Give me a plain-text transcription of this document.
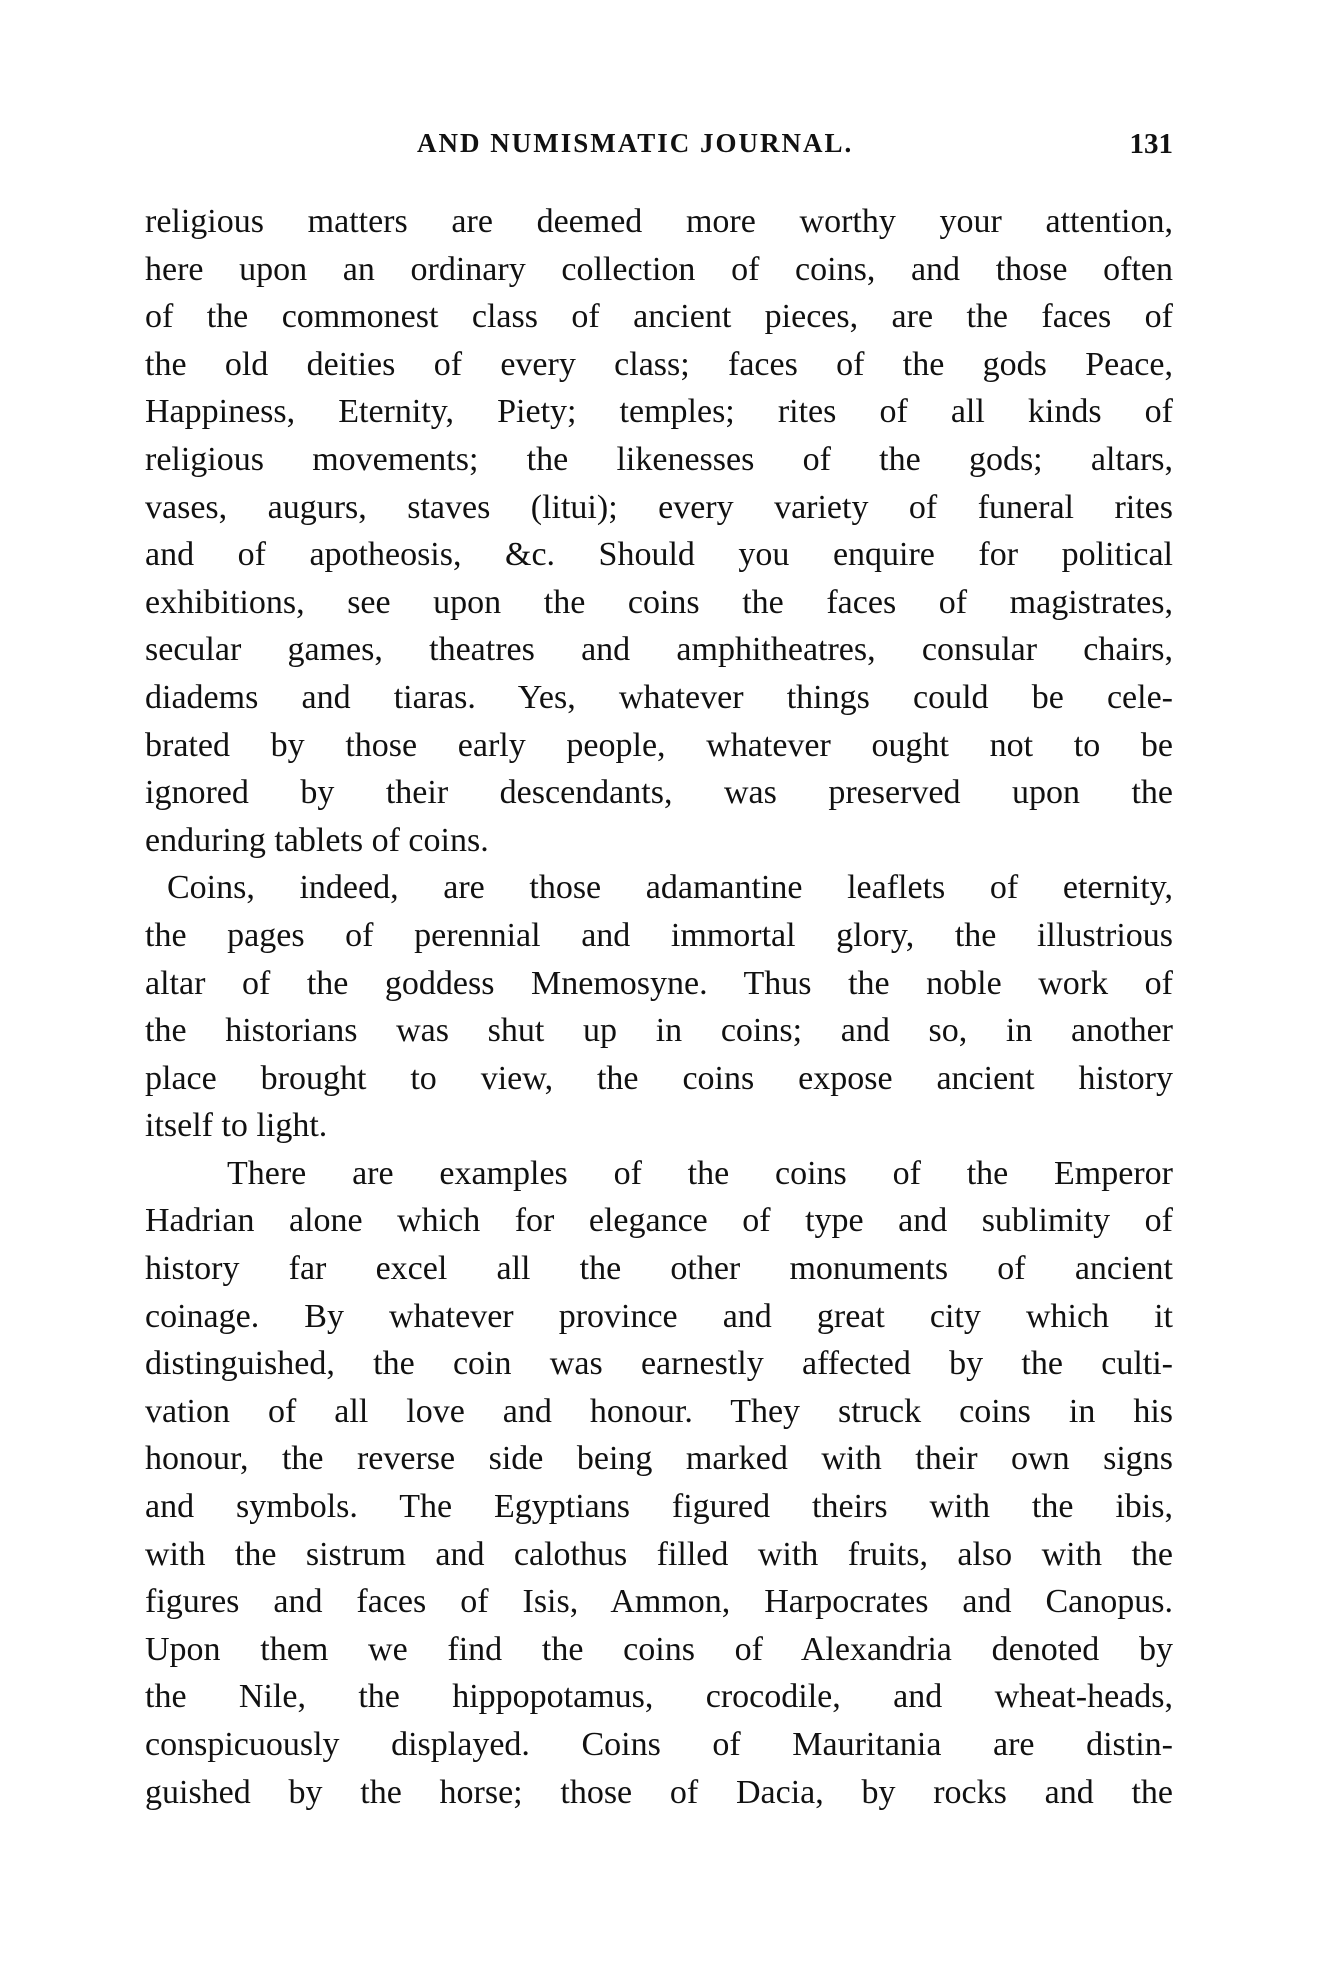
AND NUMISMATIC JOURNAL.	131
religious matters are deemed more worthy your attention,
here upon an ordinary collection of coins, and those often
of the commonest class of ancient pieces, are the faces of
the old deities of every class; faces of the gods Peace,
Happiness, Eternity, Piety; temples; rites of all kinds of
religious movements; the likenesses of the gods; altars,
vases, augurs, staves (litui); every variety of funeral rites
and of apotheosis, &c. Should you enquire for political
exhibitions, see upon the coins the faces of magistrates,
secular games, theatres and amphitheatres, consular chairs,
diadems and tiaras. Yes, whatever things could be cele-
brated by those early people, whatever ought not to be
ignored by their descendants, was preserved upon the
enduring tablets of coins.
Coins, indeed, are those adamantine leaflets of eternity,
the pages of perennial and immortal glory, the illustrious
altar of the goddess Mnemosyne. Thus the noble work of
the historians was shut up in coins; and so, in another
place brought to view, the coins expose ancient history
itself to light.
There are examples of the coins of the Emperor
Hadrian alone which for elegance of type and sublimity of
history far excel all the other monuments of ancient
coinage. By whatever province and great city which it
distinguished, the coin was earnestly affected by the culti-
vation of all love and honour. They struck coins in his
honour, the reverse side being marked with their own signs
and symbols. The Egyptians figured theirs with the ibis,
with the sistrum and calothus filled with fruits, also with the
figures and faces of Isis, Ammon, Harpocrates and Canopus.
Upon them we find the coins of Alexandria denoted by
the Nile, the hippopotamus, crocodile, and wheat-heads,
conspicuously displayed. Coins of Mauritania are distin-
guished by the horse; those of Dacia, by rocks and the
